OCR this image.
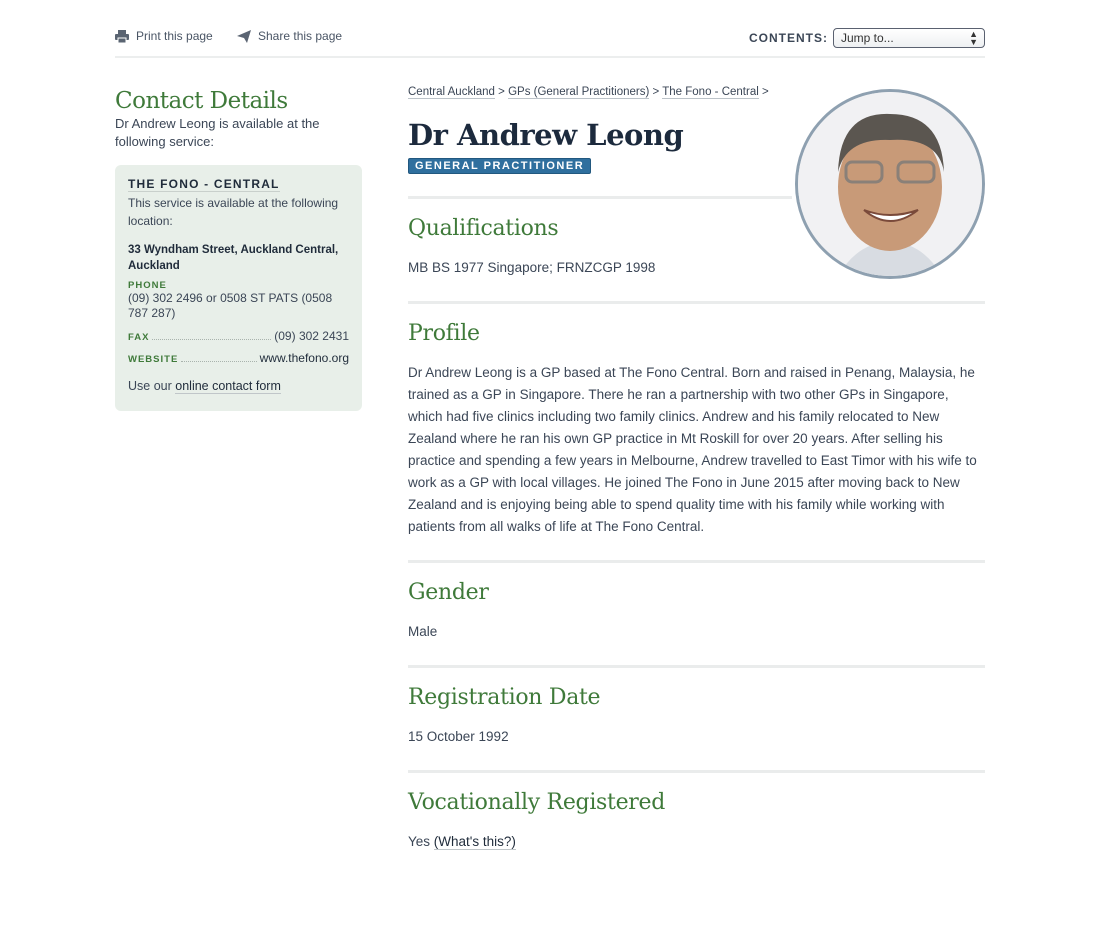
Print this page	Share this page	CONTENTS:	Jump to...	▲
▼
Contact Details

Dr Andrew Leong is available at the following service:

THE FONO - CENTRAL
This service is available at the following location:
33 Wyndham Street, Auckland Central, Auckland
PHONE
(09) 302 2496 or 0508 ST PATS (0508 787 287)
FAX	(09) 302 2431
WEBSITE	www.thefono.org
Use our online contact form
Central Auckland > GPs (General Practitioners) > The Fono - Central >
Dr Andrew Leong
GENERAL PRACTITIONER
Qualifications

MB BS 1977 Singapore; FRNZCGP 1998

Profile

Dr Andrew Leong is a GP based at The Fono Central. Born and raised in Penang, Malaysia, he trained as a GP in Singapore. There he ran a partnership with two other GPs in Singapore, which had five clinics including two family clinics. Andrew and his family relocated to New Zealand where he ran his own GP practice in Mt Roskill for over 20 years. After selling his practice and spending a few years in Melbourne, Andrew travelled to East Timor with his wife to work as a GP with local villages. He joined The Fono in June 2015 after moving back to New Zealand and is enjoying being able to spend quality time with his family while working with patients from all walks of life at The Fono Central.

Gender

Male

Registration Date

15 October 1992

Vocationally Registered

Yes (What's this?)
